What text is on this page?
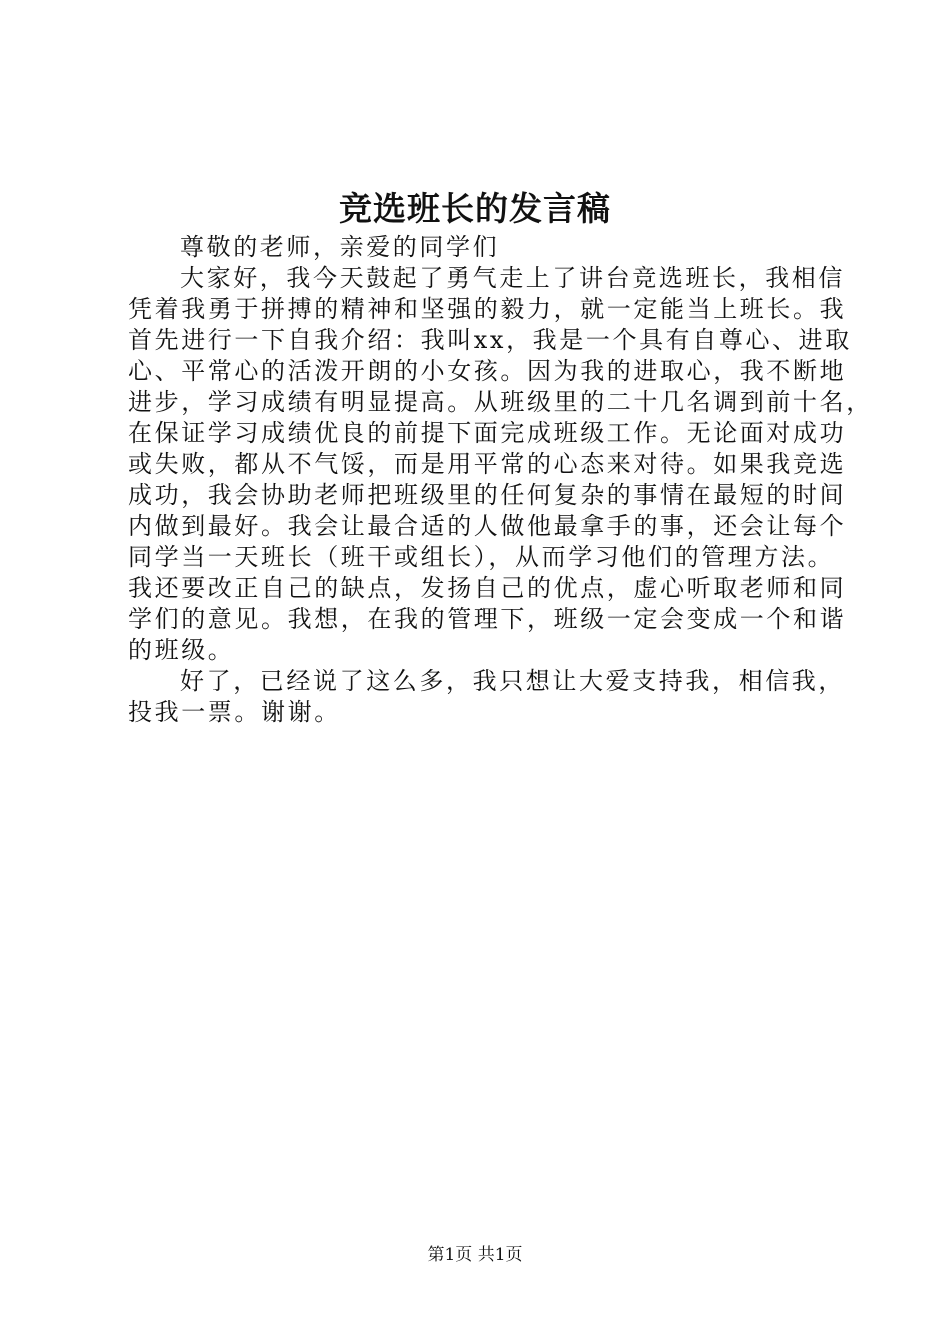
竞选班长的发言稿
尊敬的老师，亲爱的同学们
大家好，我今天鼓起了勇气走上了讲台竞选班长，我相信
凭着我勇于拼搏的精神和坚强的毅力，就一定能当上班长。我
首先进行一下自我介绍：我叫xx，我是一个具有自尊心、进取
心、平常心的活泼开朗的小女孩。因为我的进取心，我不断地
进步，学习成绩有明显提高。从班级里的二十几名调到前十名，
在保证学习成绩优良的前提下面完成班级工作。无论面对成功
或失败，都从不气馁，而是用平常的心态来对待。如果我竞选
成功，我会协助老师把班级里的任何复杂的事情在最短的时间
内做到最好。我会让最合适的人做他最拿手的事，还会让每个
同学当一天班长（班干或组长），从而学习他们的管理方法。
我还要改正自己的缺点，发扬自己的优点，虚心听取老师和同
学们的意见。我想，在我的管理下，班级一定会变成一个和谐
的班级。
好了，已经说了这么多，我只想让大爱支持我，相信我，
投我一票。谢谢。
第1页 共1页
